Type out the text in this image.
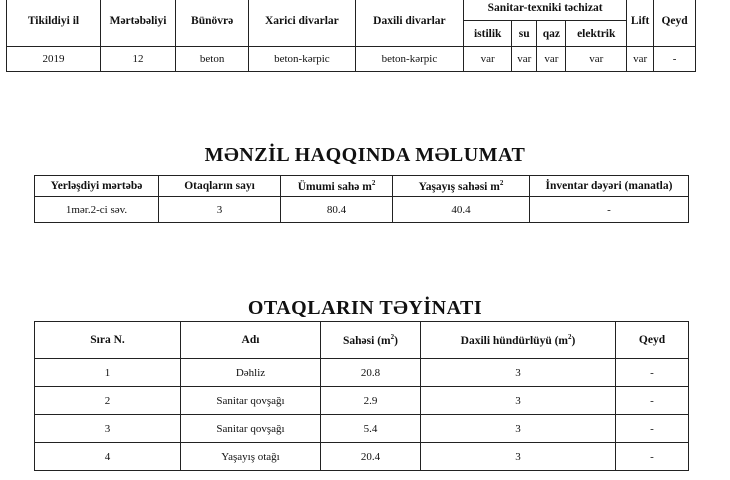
Tikildiyi il	Mərtəbəliyi	Bünövrə	Xarici divarlar	Daxili divarlar	Sanitar-texniki təchizat				Lift	Qeyd
					istilik	su	qaz	elektrik		
2019	12	beton	beton-kərpic	beton-kərpic	var	var	var	var	var	-
MƏNZİL HAQQINDA MƏLUMAT
Yerləşdiyi mərtəbə	Otaqların sayı	Ümumi sahə $m^2$	Yaşayış sahəsi $m^2$	İnventar dəyəri (manatla)
1mər.2-ci səv.	3	80.4	40.4	-
OTAQLARIN TƏYİNATI
Sıra N.	Adı	Sahəsi $(m^2)$	Daxili hündürlüyü $(m^2)$	Qeyd
1	Dəhliz	20.8	3	-
2	Sanitar qovşağı	2.9	3	-
3	Sanitar qovşağı	5.4	3	-
4	Yaşayış otağı	20.4	3	-
